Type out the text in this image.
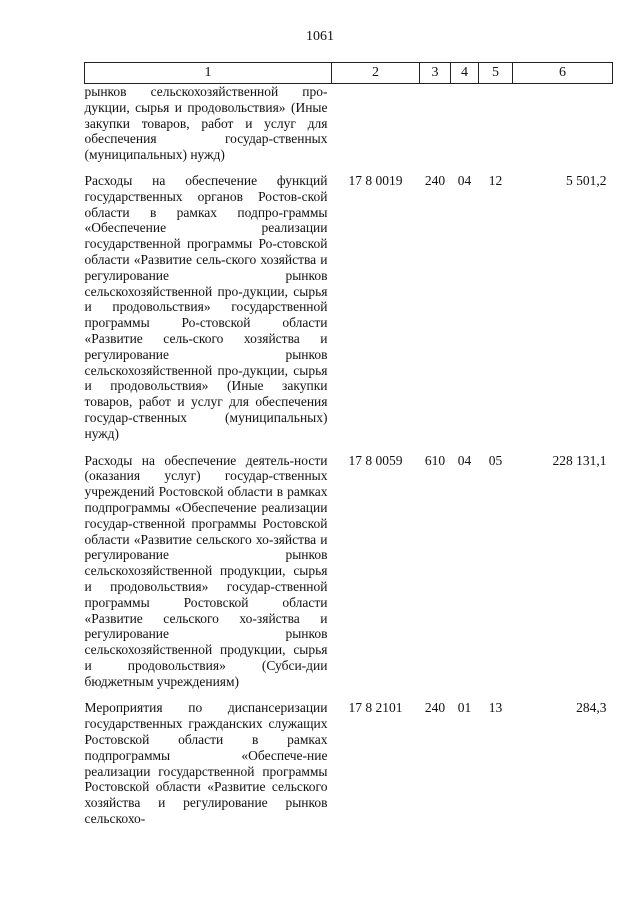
1061
1	2	3	4	5	6
рынков сельскохозяйственной про-дукции, сырья и продовольствия» (Иные закупки товаров, работ и услуг для обеспечения государ-ственных (муниципальных) нужд)					
Расходы на обеспечение функций государственных органов Ростов-ской области в рамках подпро-граммы «Обеспечение реализации государственной программы Ро-стовской области «Развитие сель-ского хозяйства и регулирование рынков сельскохозяйственной про-дукции, сырья и продовольствия» государственной программы Ро-стовской области «Развитие сель-ского хозяйства и регулирование рынков сельскохозяйственной про-дукции, сырья и продовольствия» (Иные закупки товаров, работ и услуг для обеспечения государ-ственных (муниципальных) нужд)	17 8 0019	240	04	12	5 501,2
Расходы на обеспечение деятель-ности (оказания услуг) государ-ственных учреждений Ростовской области в рамках подпрограммы «Обеспечение реализации государ-ственной программы Ростовской области «Развитие сельского хо-зяйства и регулирование рынков сельскохозяйственной продукции, сырья и продовольствия» государ-ственной программы Ростовской области «Развитие сельского хо-зяйства и регулирование рынков сельскохозяйственной продукции, сырья и продовольствия» (Субси-дии бюджетным учреждениям)	17 8 0059	610	04	05	228 131,1
Мероприятия по диспансеризации государственных гражданских служащих Ростовской области в рамках подпрограммы «Обеспече-ние реализации государственной программы Ростовской области «Развитие сельского хозяйства и регулирование рынков сельскохо-	17 8 2101	240	01	13	284,3
